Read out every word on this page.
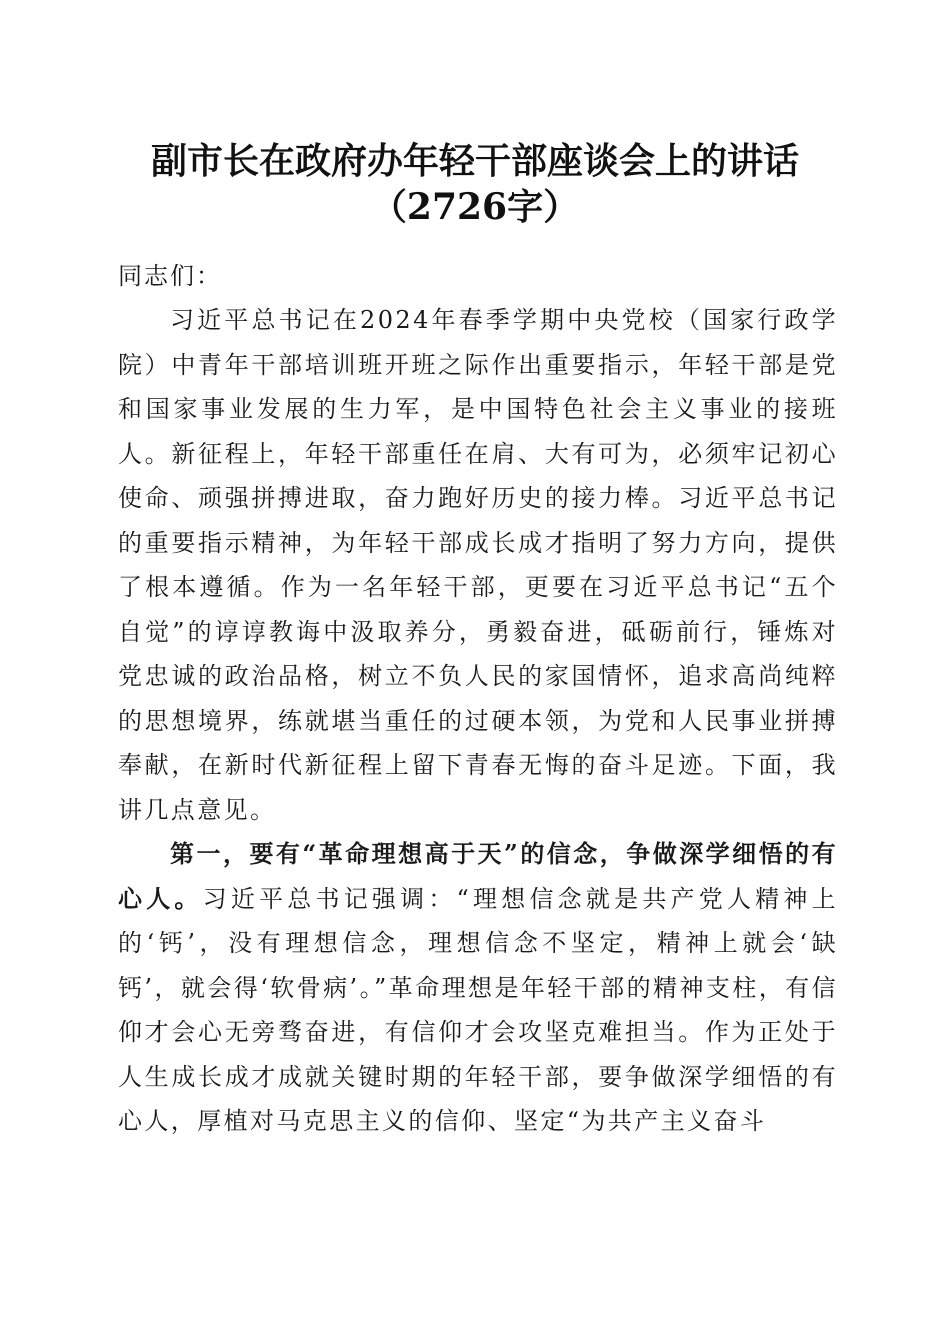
副市长在政府办年轻干部座谈会上的讲话
（2726字）

同志们：

习近平总书记在2024年春季学期中央党校（国家行政学院）中青年干部培训班开班之际作出重要指示，年轻干部是党和国家事业发展的生力军，是中国特色社会主义事业的接班人。新征程上，年轻干部重任在肩、大有可为，必须牢记初心使命、顽强拼搏进取，奋力跑好历史的接力棒。习近平总书记的重要指示精神，为年轻干部成长成才指明了努力方向，提供了根本遵循。作为一名年轻干部，更要在习近平总书记“五个自觉”的谆谆教诲中汲取养分，勇毅奋进，砥砺前行，锤炼对党忠诚的政治品格，树立不负人民的家国情怀，追求高尚纯粹的思想境界，练就堪当重任的过硬本领，为党和人民事业拼搏奉献，在新时代新征程上留下青春无悔的奋斗足迹。下面，我讲几点意见。

第一，要有“革命理想高于天”的信念，争做深学细悟的有心人。习近平总书记强调：“理想信念就是共产党人精神上的‘钙’，没有理想信念，理想信念不坚定，精神上就会‘缺钙’，就会得‘软骨病’。”革命理想是年轻干部的精神支柱，有信仰才会心无旁骛奋进，有信仰才会攻坚克难担当。作为正处于人生成长成才成就关键时期的年轻干部，要争做深学细悟的有心人，厚植对马克思主义的信仰、坚定“为共产主义奋斗
